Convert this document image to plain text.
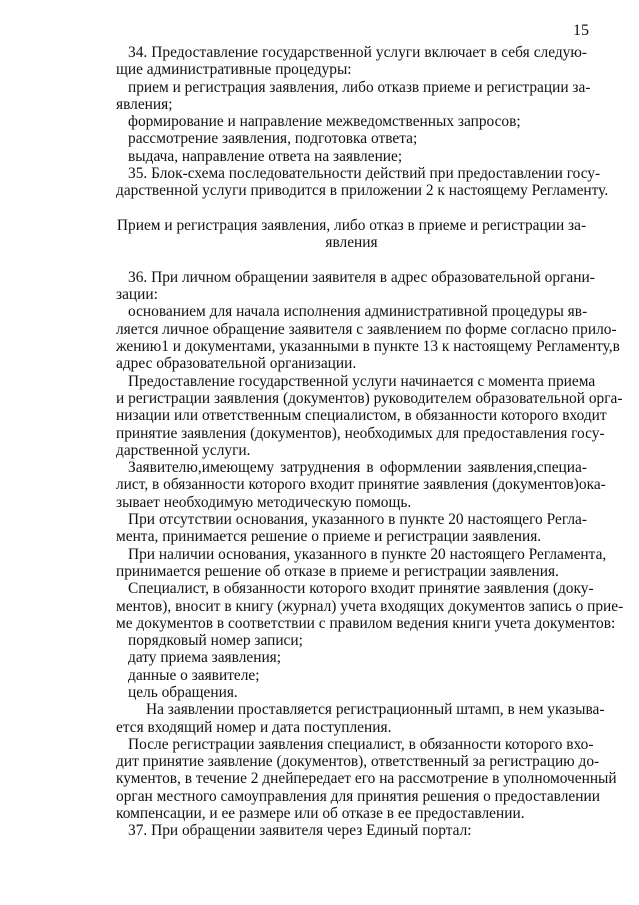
15
34. Предоставление государственной услуги включает в себя следую-
щие административные процедуры:
прием и регистрация заявления, либо отказв приеме и регистрации за-
явления;
формирование и направление межведомственных запросов;
рассмотрение заявления, подготовка ответа;
выдача, направление ответа на заявление;
35. Блок-схема последовательности действий при предоставлении госу-
дарственной услуги приводится в приложении 2 к настоящему Регламенту.
Прием и регистрация заявления, либо отказ в приеме и регистрации за-
явления
36. При личном обращении заявителя в адрес образовательной органи-
зации:
основанием для начала исполнения административной процедуры яв-
ляется личное обращение заявителя с заявлением по форме согласно прило-
жению1 и документами, указанными в пункте 13 к настоящему Регламенту,в
адрес образовательной организации.
Предоставление государственной услуги начинается с момента приема
и регистрации заявления (документов) руководителем образовательной орга-
низации или ответственным специалистом, в обязанности которого входит
принятие заявления (документов), необходимых для предоставления госу-
дарственной услуги.
Заявителю,имеющему затруднения в оформлении заявления,специа-
лист, в обязанности которого входит принятие заявления (документов)ока-
зывает необходимую методическую помощь.
При отсутствии основания, указанного в пункте 20 настоящего Регла-
мента, принимается решение о приеме и регистрации заявления.
При наличии основания, указанного в пункте 20 настоящего Регламента,
принимается решение об отказе в приеме и регистрации заявления.
Специалист, в обязанности которого входит принятие заявления (доку-
ментов), вносит в книгу (журнал) учета входящих документов запись о прие-
ме документов в соответствии с правилом ведения книги учета документов:
порядковый номер записи;
дату приема заявления;
данные о заявителе;
цель обращения.
На заявлении проставляется регистрационный штамп, в нем указыва-
ется входящий номер и дата поступления.
После регистрации заявления специалист, в обязанности которого вхо-
дит принятие заявление (документов), ответственный за регистрацию до-
кументов, в течение 2 днейпередает его на рассмотрение в уполномоченный
орган местного самоуправления для принятия решения о предоставлении
компенсации, и ее размере или об отказе в ее предоставлении.
37. При обращении заявителя через Единый портал:
